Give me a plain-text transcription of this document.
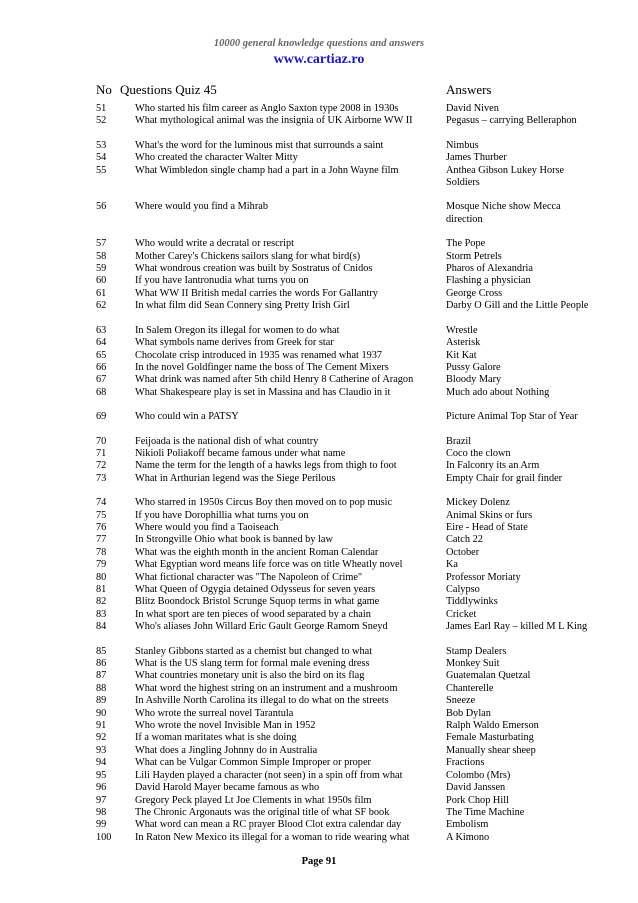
10000 general knowledge questions and answers
www.cartiaz.ro
No Questions Quiz 45	Answers
51	Who started his film career as Anglo Saxton type 2008 in 1930s	David Niven
52	What mythological animal was the insignia of UK Airborne WW II	Pegasus – carrying Belleraphon
53	What's the word for the luminous mist that surrounds a saint	Nimbus
54	Who created the character Walter Mitty	James Thurber
55	What Wimbledon single champ had a part in a John Wayne film	Anthea Gibson Lukey Horse Soldiers
56	Where would you find a Mihrab	Mosque Niche show Mecca direction
57	Who would write a decratal or rescript	The Pope
58	Mother Carey's Chickens sailors slang for what bird(s)	Storm Petrels
59	What wondrous creation was built by Sostratus of Cnidos	Pharos of Alexandria
60	If you have Iantronudia what turns you on	Flashing a physician
61	What WW II British medal carries the words For Gallantry	George Cross
62	In what film did Sean Connery sing Pretty Irish Girl	Darby O Gill and the Little People
63	In Salem Oregon its illegal for women to do what	Wrestle
64	What symbols name derives from Greek for star	Asterisk
65	Chocolate crisp introduced in 1935 was renamed what 1937	Kit Kat
66	In the novel Goldfinger name the boss of The Cement Mixers	Pussy Galore
67	What drink was named after 5th child Henry 8 Catherine of Aragon	Bloody Mary
68	What Shakespeare play is set in Massina and has Claudio in it	Much ado about Nothing
69	Who could win a PATSY	Picture Animal Top Star of Year
70	Feijoada is the national dish of what country	Brazil
71	Nikioli Poliakoff became famous under what name	Coco the clown
72	Name the term for the length of a hawks legs from thigh to foot	In Falconry its an Arm
73	What in Arthurian legend was the Siege Perilous	Empty Chair for grail finder
74	Who starred in 1950s Circus Boy then moved on to pop music	Mickey Dolenz
75	If you have Dorophillia what turns you on	Animal Skins or furs
76	Where would you find a Taoiseach	Eire - Head of State
77	In Strongville Ohio what book is banned by law	Catch 22
78	What was the eighth month in the ancient Roman Calendar	October
79	What Egyptian word means life force was on title Wheatly novel	Ka
80	What fictional character was "The Napoleon of Crime"	Professor Moriaty
81	What Queen of Ogygia detained Odysseus for seven years	Calypso
82	Blitz Boondock Bristol Scrunge Squop terms in what game	Tiddlywinks
83	In what sport are ten pieces of wood separated by a chain	Cricket
84	Who's aliases John Willard Eric Gault George Ramom Sneyd	James Earl Ray – killed M L King
85	Stanley Gibbons started as a chemist but changed to what	Stamp Dealers
86	What is the US slang term for formal male evening dress	Monkey Suit
87	What countries monetary unit is also the bird on its flag	Guatemalan Quetzal
88	What word the highest string on an instrument and a mushroom	Chanterelle
89	In Ashville North Carolina its illegal to do what on the streets	Sneeze
90	Who wrote the surreal novel Tarantula	Bob Dylan
91	Who wrote the novel Invisible Man in 1952	Ralph Waldo Emerson
92	If a woman maritates what is she doing	Female Masturbating
93	What does a Jingling Johnny do in Australia	Manually shear sheep
94	What can be Vulgar Common Simple Improper or proper	Fractions
95	Lili Hayden played a character (not seen) in a spin off from what	Colombo (Mrs)
96	David Harold Mayer became famous as who	David Janssen
97	Gregory Peck played Lt Joe Clements in what 1950s film	Pork Chop Hill
98	The Chronic Argonauts was the original title of what SF book	The Time Machine
99	What word can mean a RC prayer Blood Clot extra calendar day	Embolism
100	In Raton New Mexico its illegal for a woman to ride wearing what	A Kimono
Page 91
